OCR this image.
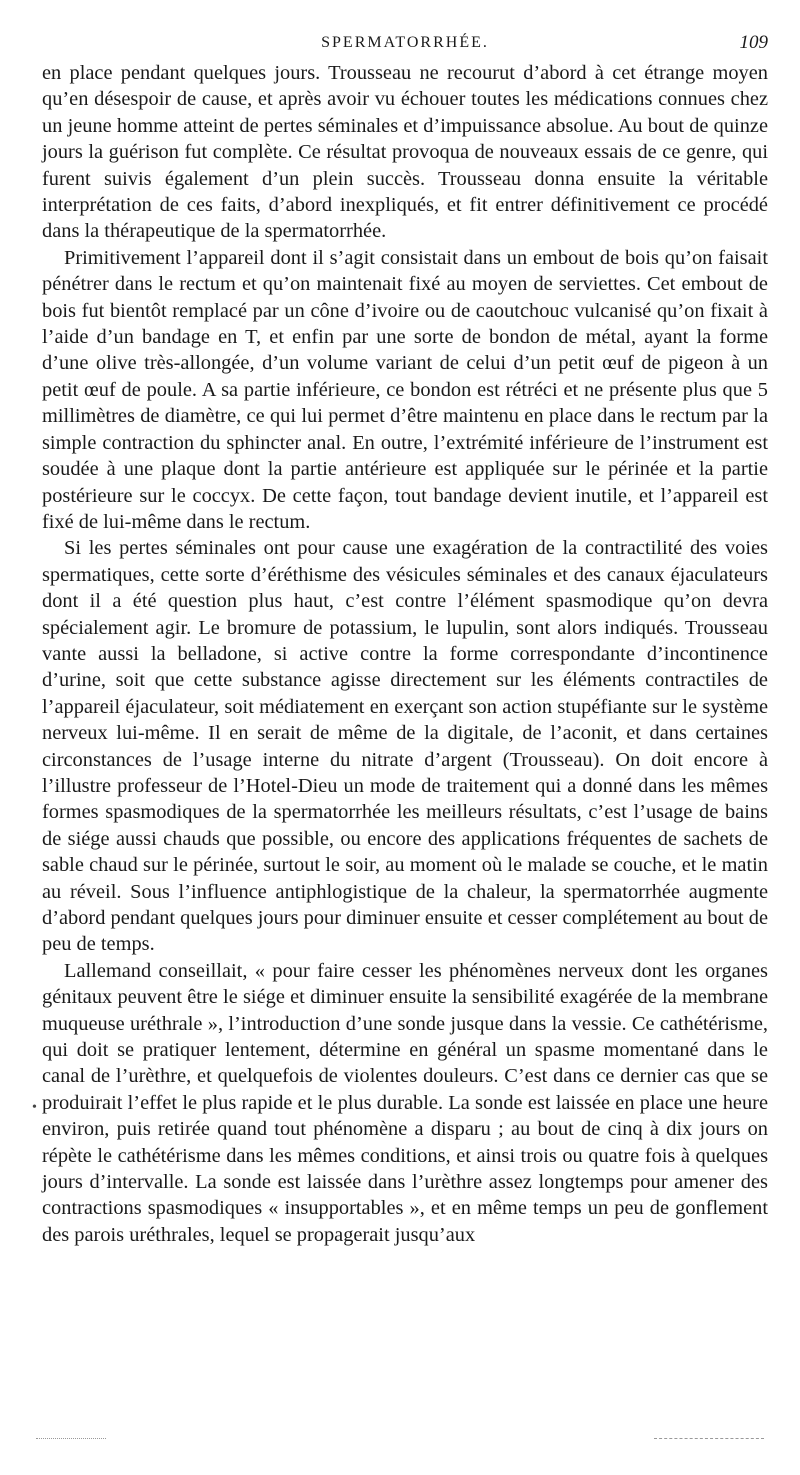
SPERMATORRHÉE.	109

en place pendant quelques jours. Trousseau ne recourut d’abord à cet étrange moyen qu’en désespoir de cause, et après avoir vu échouer toutes les médications connues chez un jeune homme atteint de pertes séminales et d’impuissance absolue. Au bout de quinze jours la guérison fut complète. Ce résultat provoqua de nouveaux essais de ce genre, qui furent suivis également d’un plein succès. Trousseau donna ensuite la véritable interprétation de ces faits, d’abord inexpliqués, et fit entrer définitivement ce procédé dans la thérapeutique de la spermatorrhée.

Primitivement l’appareil dont il s’agit consistait dans un embout de bois qu’on faisait pénétrer dans le rectum et qu’on maintenait fixé au moyen de serviettes. Cet embout de bois fut bientôt remplacé par un cône d’ivoire ou de caoutchouc vulcanisé qu’on fixait à l’aide d’un bandage en T, et enfin par une sorte de bondon de métal, ayant la forme d’une olive très-allongée, d’un volume variant de celui d’un petit œuf de pigeon à un petit œuf de poule. A sa partie inférieure, ce bondon est rétréci et ne présente plus que 5 millimètres de diamètre, ce qui lui permet d’être maintenu en place dans le rectum par la simple contraction du sphincter anal. En outre, l’extrémité inférieure de l’instrument est soudée à une plaque dont la partie antérieure est appliquée sur le périnée et la partie postérieure sur le coccyx. De cette façon, tout bandage devient inutile, et l’appareil est fixé de lui-même dans le rectum.

Si les pertes séminales ont pour cause une exagération de la contractilité des voies spermatiques, cette sorte d’éréthisme des vésicules séminales et des canaux éjaculateurs dont il a été question plus haut, c’est contre l’élément spasmodique qu’on devra spécialement agir. Le bromure de potassium, le lupulin, sont alors indiqués. Trousseau vante aussi la belladone, si active contre la forme correspondante d’incontinence d’urine, soit que cette substance agisse directement sur les éléments contractiles de l’appareil éjaculateur, soit médiatement en exerçant son action stupéfiante sur le système nerveux lui-même. Il en serait de même de la digitale, de l’aconit, et dans certaines circonstances de l’usage interne du nitrate d’argent (Trousseau). On doit encore à l’illustre professeur de l’Hotel-Dieu un mode de traitement qui a donné dans les mêmes formes spasmodiques de la spermatorrhée les meilleurs résultats, c’est l’usage de bains de siége aussi chauds que possible, ou encore des applications fréquentes de sachets de sable chaud sur le périnée, surtout le soir, au moment où le malade se couche, et le matin au réveil. Sous l’influence antiphlogistique de la chaleur, la spermatorrhée augmente d’abord pendant quelques jours pour diminuer ensuite et cesser complétement au bout de peu de temps.

Lallemand conseillait, « pour faire cesser les phénomènes nerveux dont les organes génitaux peuvent être le siége et diminuer ensuite la sensibilité exagérée de la membrane muqueuse uréthrale », l’introduction d’une sonde jusque dans la vessie. Ce cathétérisme, qui doit se pratiquer lentement, détermine en général un spasme momentané dans le canal de l’urèthre, et quelquefois de violentes douleurs. C’est dans ce dernier cas que se produirait l’effet le plus rapide et le plus durable. La sonde est laissée en place une heure environ, puis retirée quand tout phénomène a disparu ; au bout de cinq à dix jours on répète le cathétérisme dans les mêmes conditions, et ainsi trois ou quatre fois à quelques jours d’intervalle. La sonde est laissée dans l’urèthre assez longtemps pour amener des contractions spasmodiques « insupportables », et en même temps un peu de gonflement des parois uréthrales, lequel se propagerait jusqu’aux

•
